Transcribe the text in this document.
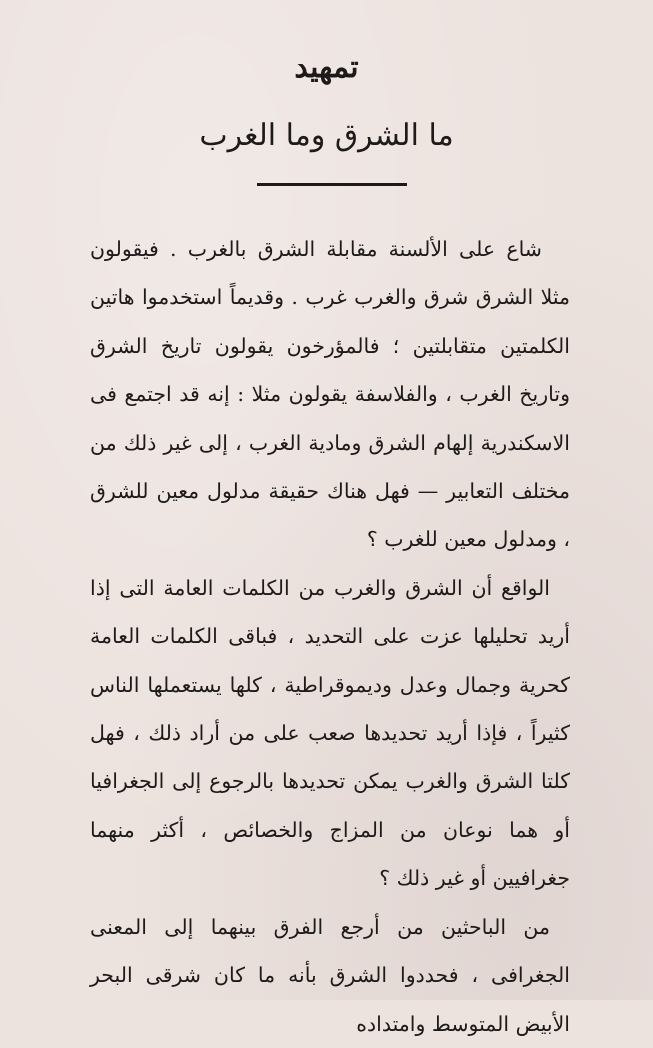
تمهيد
ما الشرق وما الغرب

شاع على الألسنة مقابلة الشرق بالغرب . فيقولون مثلا الشرق شرق والغرب غرب . وقديماً استخدموا هاتين الكلمتين متقابلتين ؛ فالمؤرخون يقولون تاريخ الشرق وتاريخ الغرب ، والفلاسفة يقولون مثلا : إنه قد اجتمع فى الاسكندرية إلهام الشرق ومادية الغرب ، إلى غير ذلك من مختلف التعابير — فهل هناك حقيقة مدلول معين للشرق ، ومدلول معين للغرب ؟

الواقع أن الشرق والغرب من الكلمات العامة التى إذا أريد تحليلها عزت على التحديد ، فباقى الكلمات العامة كحرية وجمال وعدل وديموقراطية ، كلها يستعملها الناس كثيراً ، فإذا أريد تحديدها صعب على من أراد ذلك ، فهل كلتا الشرق والغرب يمكن تحديدها بالرجوع إلى الجغرافيا أو هما نوعان من المزاج والخصائص ، أكثر منهما جغرافيين أو غير ذلك ؟

من الباحثين من أرجع الفرق بينهما إلى المعنى الجغرافى ، فحددوا الشرق بأنه ما كان شرقى البحر الأبيض المتوسط وامتداده
